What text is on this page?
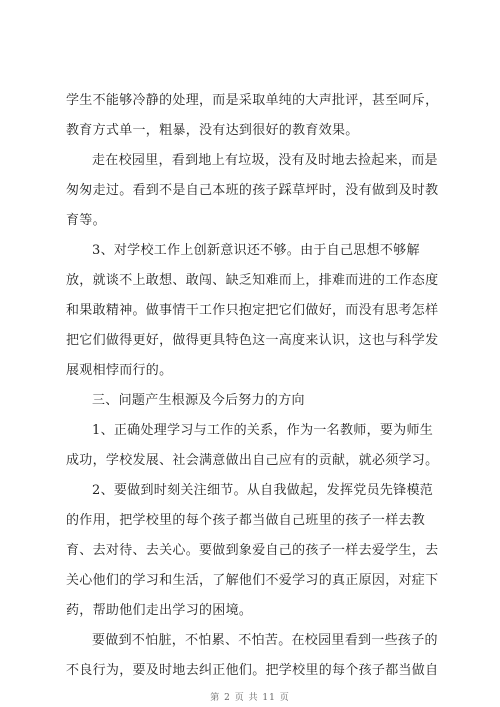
学生不能够冷静的处理，而是采取单纯的大声批评，甚至呵斥，
教育方式单一，粗暴，没有达到很好的教育效果。
走在校园里，看到地上有垃圾，没有及时地去捡起来，而是
匆匆走过。看到不是自己本班的孩子踩草坪时，没有做到及时教
育等。
3、对学校工作上创新意识还不够。由于自己思想不够解
放，就谈不上敢想、敢闯、缺乏知难而上，排难而进的工作态度
和果敢精神。做事情干工作只抱定把它们做好，而没有思考怎样
把它们做得更好，做得更具特色这一高度来认识，这也与科学发
展观相悖而行的。
三、问题产生根源及今后努力的方向
1、正确处理学习与工作的关系，作为一名教师，要为师生
成功，学校发展、社会满意做出自己应有的贡献，就必须学习。
2、要做到时刻关注细节。从自我做起，发挥党员先锋模范
的作用，把学校里的每个孩子都当做自己班里的孩子一样去教
育、去对待、去关心。要做到象爱自己的孩子一样去爱学生，去
关心他们的学习和生活，了解他们不爱学习的真正原因，对症下
药，帮助他们走出学习的困境。
要做到不怕脏，不怕累、不怕苦。在校园里看到一些孩子的
不良行为，要及时地去纠正他们。把学校里的每个孩子都当做自
第 2 页 共 11 页
